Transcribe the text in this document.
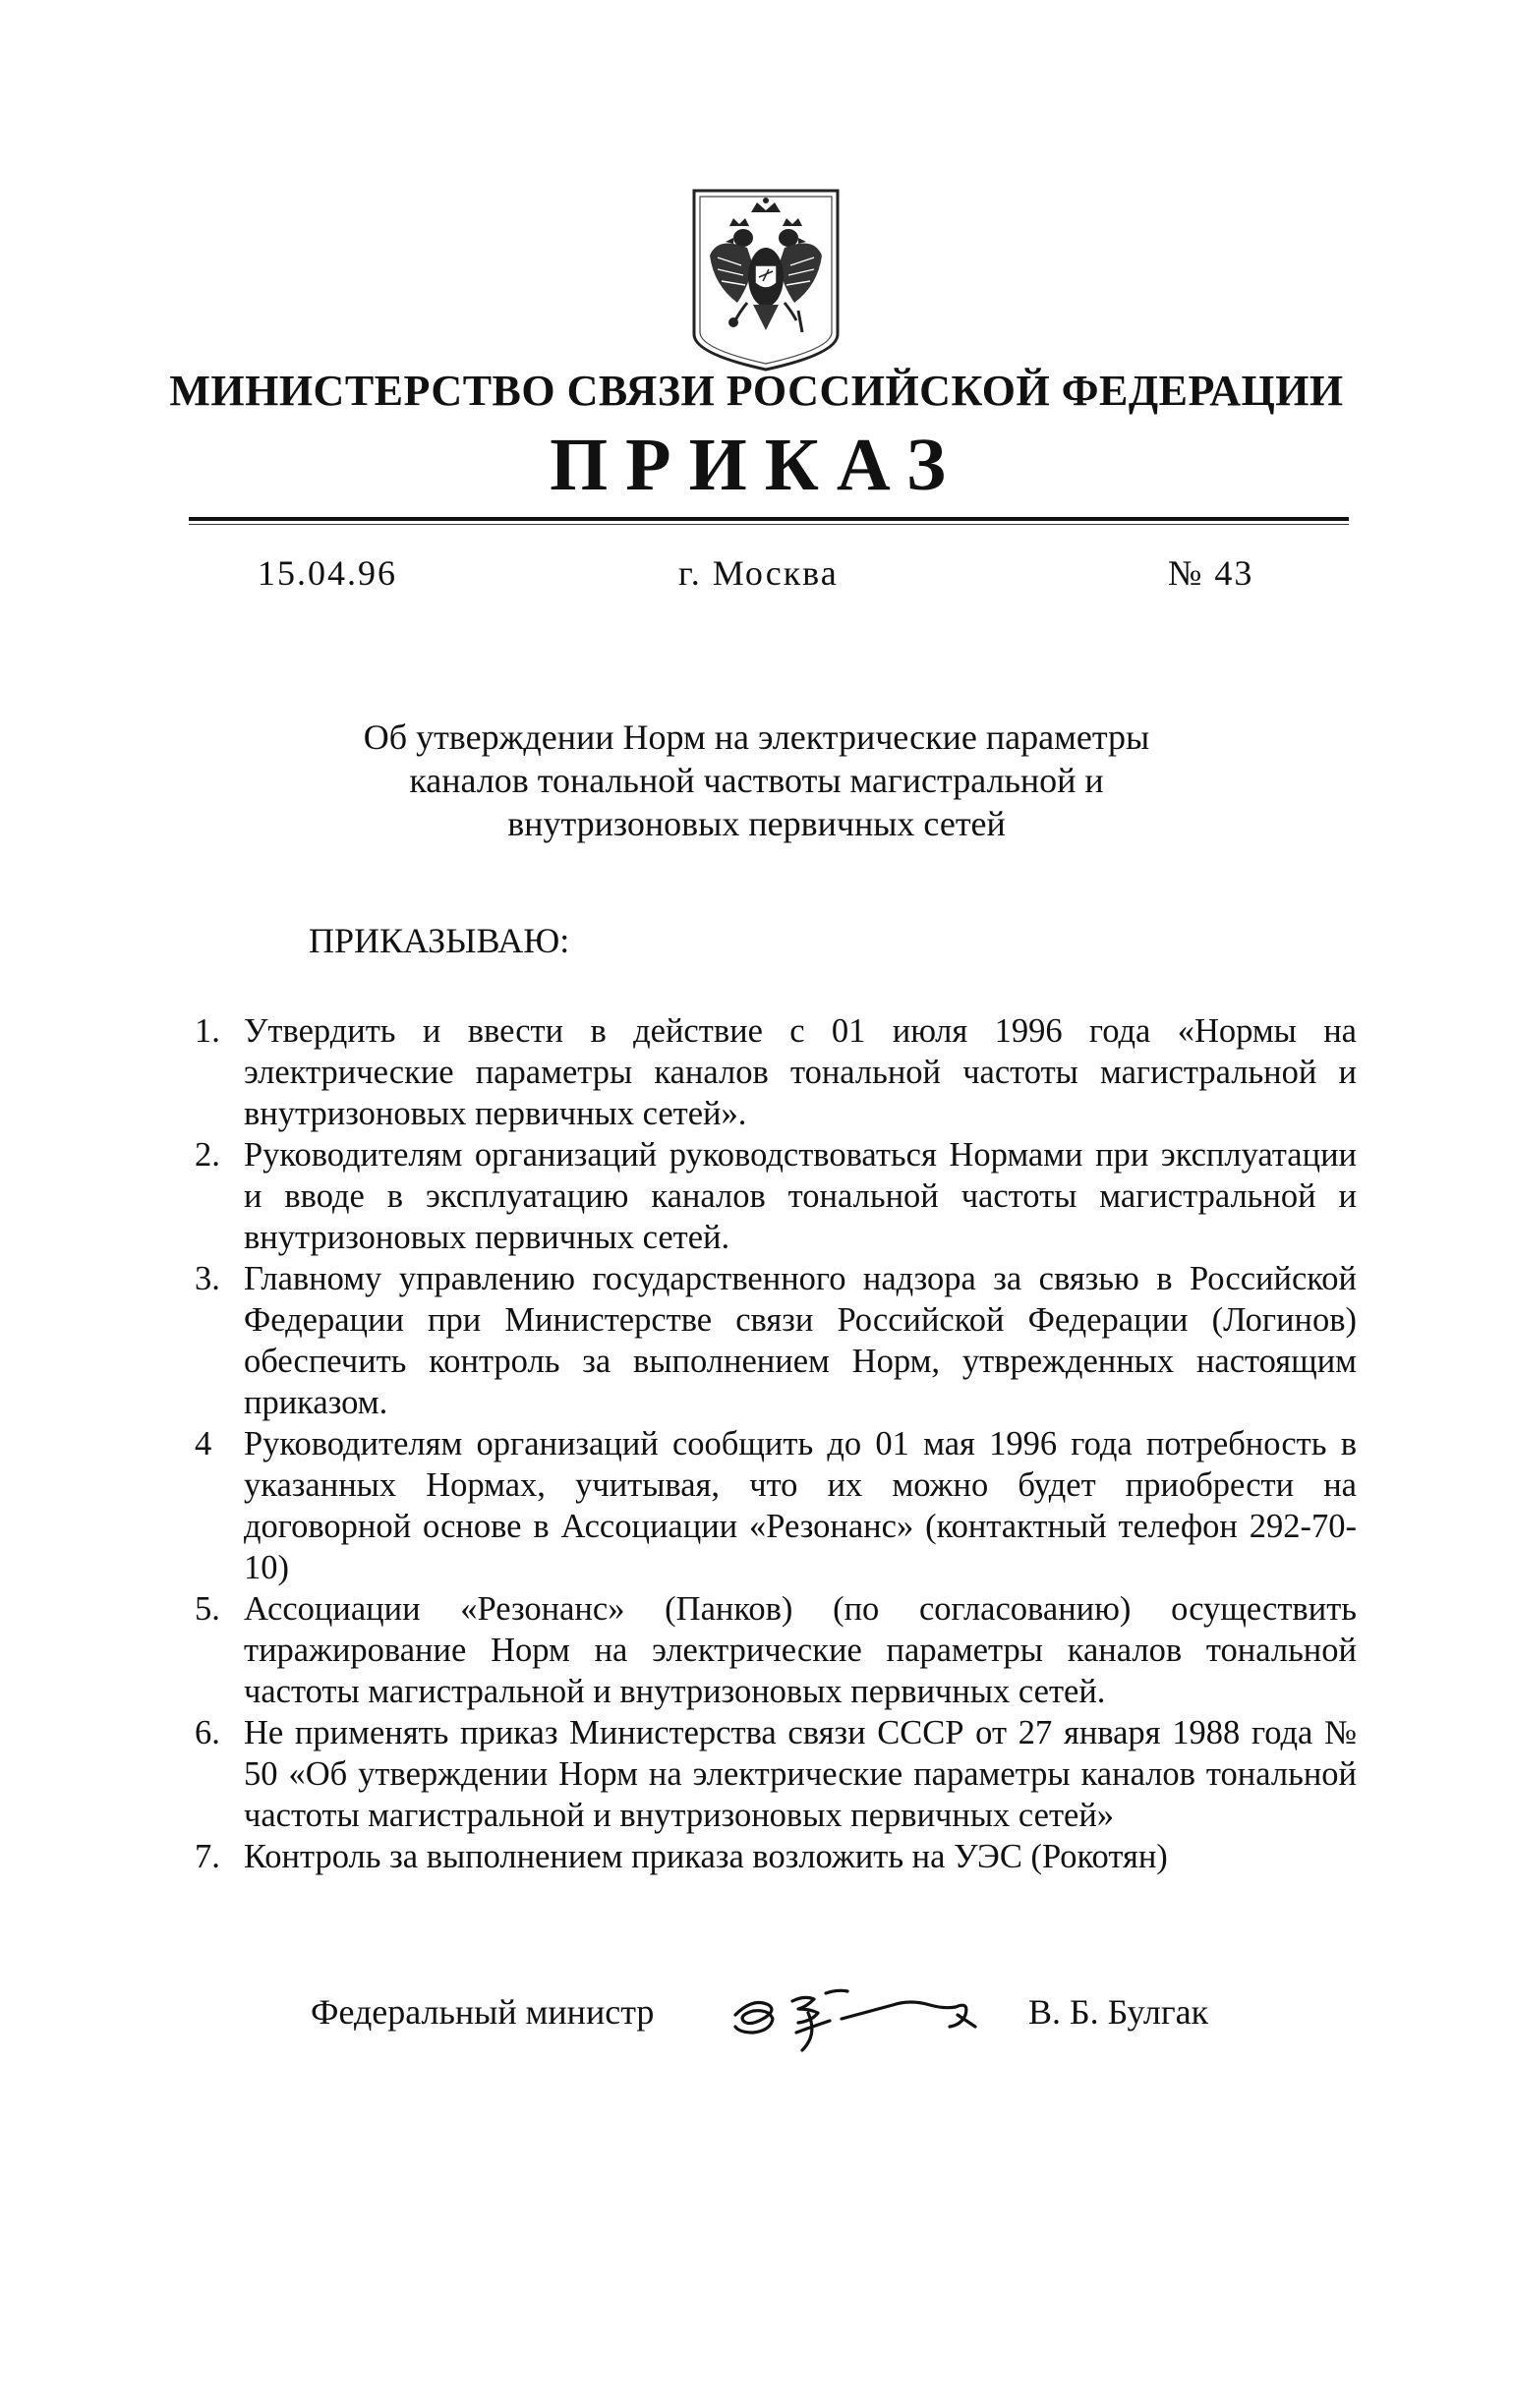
МИНИСТЕРСТВО СВЯЗИ РОССИЙСКОЙ ФЕДЕРАЦИИ
ПРИКАЗ
15.04.96	г. Москва	№ 43
Об утверждении Норм на электрические параметры
каналов тональной частвоты магистральной и
внутризоновых первичных сетей
ПРИКАЗЫВАЮ:
1. Утвердить и ввести в действие с 01 июля 1996 года «Нормы на электрические параметры каналов тональной частоты магистральной и внутризоновых первичных сетей».
2. Руководителям организаций руководствоваться Нормами при эксплуатации и вводе в эксплуатацию каналов тональной частоты магистральной и внутризоновых первичных сетей.
3. Главному управлению государственного надзора за связью в Российской Федерации при Министерстве связи Российской Федерации (Логинов) обеспечить контроль за выполнением Норм, утврежденных настоящим приказом.
4 Руководителям организаций сообщить до 01 мая 1996 года потребность в указанных Нормах, учитывая, что их можно будет приобрести на договорной основе в Ассоциации «Резонанс» (контактный телефон 292-70-10)
5. Ассоциации «Резонанс» (Панков) (по согласованию) осуществить тиражирование Норм на электрические параметры каналов тональной частоты магистральной и внутризоновых первичных сетей.
6. Не применять приказ Министерства связи СССР от 27 января 1988 года № 50 «Об утверждении Норм на электрические параметры каналов тональной частоты магистральной и внутризоновых первичных сетей»
7. Контроль за выполнением приказа возложить на УЭС (Рокотян)
Федеральный министр	В. Б. Булгак
